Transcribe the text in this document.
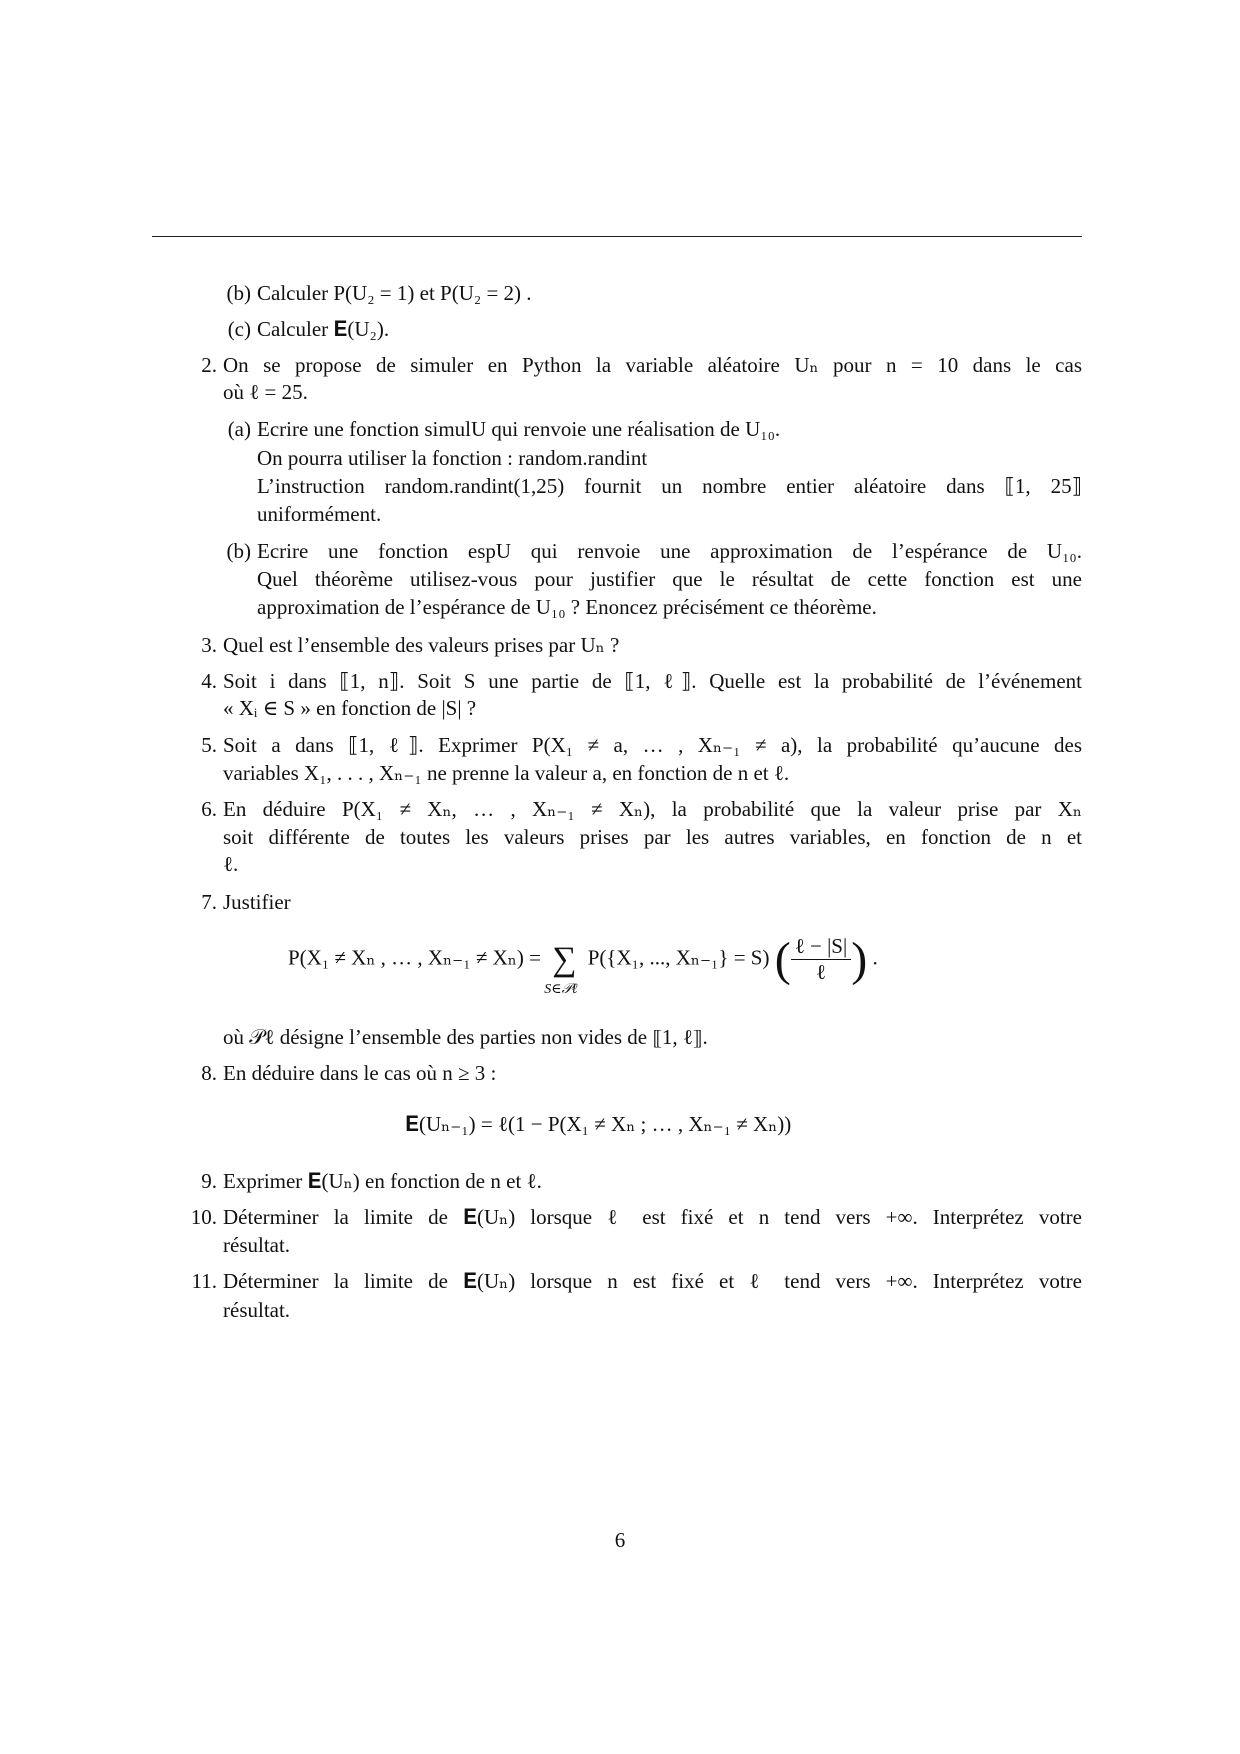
(b) Calculer P(U₂ = 1) et P(U₂ = 2) .
(c) Calculer 𝐄(U₂).
2. On se propose de simuler en Python la variable aléatoire Uₙ pour n = 10 dans le cas
où ℓ = 25.
(a) Ecrire une fonction simulU qui renvoie une réalisation de U₁₀.
On pourra utiliser la fonction : random.randint
L’instruction random.randint(1,25) fournit un nombre entier aléatoire dans ⟦1, 25⟧
uniformément.
(b) Ecrire une fonction espU qui renvoie une approximation de l’espérance de U₁₀.
Quel théorème utilisez-vous pour justifier que le résultat de cette fonction est une
approximation de l’espérance de U₁₀ ? Enoncez précisément ce théorème.
3. Quel est l’ensemble des valeurs prises par Uₙ ?
4. Soit i dans ⟦1, n⟧. Soit S une partie de ⟦1, ℓ⟧. Quelle est la probabilité de l’événement
« Xᵢ ∈ S » en fonction de |S| ?
5. Soit a dans ⟦1, ℓ⟧. Exprimer P(X₁ ≠ a, … , Xₙ₋₁ ≠ a), la probabilité qu’aucune des
variables X₁, . . . , Xₙ₋₁ ne prenne la valeur a, en fonction de n et ℓ.
6. En déduire P(X₁ ≠ Xₙ, … , Xₙ₋₁ ≠ Xₙ), la probabilité que la valeur prise par Xₙ
soit différente de toutes les valeurs prises par les autres variables, en fonction de n et
ℓ.
7. Justifier
où 𝒫ℓ désigne l’ensemble des parties non vides de ⟦1, ℓ⟧.
8. En déduire dans le cas où n ≥ 3 :
9. Exprimer 𝐄(Uₙ) en fonction de n et ℓ.
10. Déterminer la limite de 𝐄(Uₙ) lorsque ℓ est fixé et n tend vers +∞. Interprétez votre
résultat.
11. Déterminer la limite de 𝐄(Uₙ) lorsque n est fixé et ℓ tend vers +∞. Interprétez votre
résultat.
P(X₁ ≠ Xₙ , … , Xₙ₋₁ ≠ Xₙ) = ∑
S∈𝒫ℓ
P({X₁, ..., Xₙ₋₁} = S) ( $\frac{\text{ℓ − |S|}}{\text{ℓ}}$ ) .
𝐄(Uₙ₋₁) = ℓ(1 − P(X₁ ≠ Xₙ ; … , Xₙ₋₁ ≠ Xₙ))
6
